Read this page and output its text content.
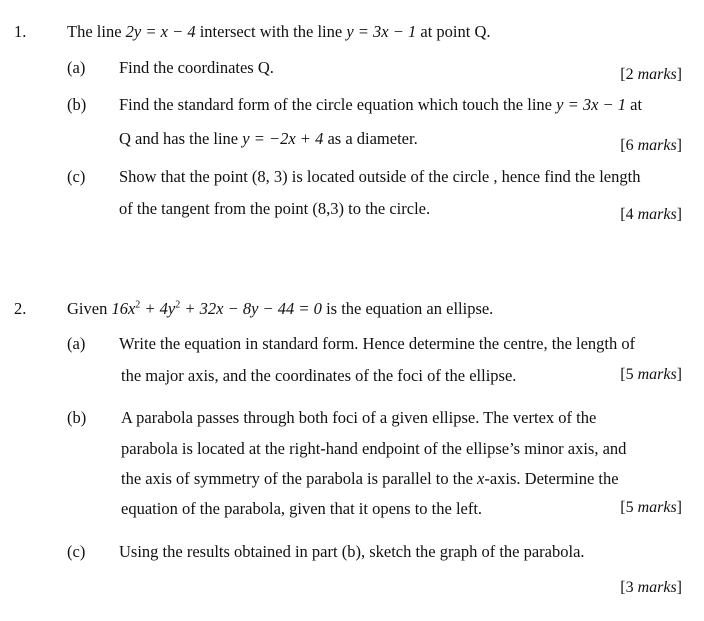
1. The line 2y = x − 4 intersect with the line y = 3x − 1 at point Q.
(a) Find the coordinates Q.	[2 marks]
(b) Find the standard form of the circle equation which touch the line y = 3x − 1 at
Q and has the line y = −2x + 4 as a diameter.	[6 marks]
(c) Show that the point (8, 3) is located outside of the circle , hence find the length
of the tangent from the point (8,3) to the circle.	[4 marks]
2. Given $16x^2 + 4y^2 + 32x - 8y - 44 = 0$ is the equation an ellipse.
(a) Write the equation in standard form. Hence determine the centre, the length of
the major axis, and the coordinates of the foci of the ellipse.	[5 marks]
(b) A parabola passes through both foci of a given ellipse. The vertex of the
parabola is located at the right-hand endpoint of the ellipse’s minor axis, and
the axis of symmetry of the parabola is parallel to the x-axis. Determine the
equation of the parabola, given that it opens to the left.	[5 marks]
(c) Using the results obtained in part (b), sketch the graph of the parabola.
[3 marks]
